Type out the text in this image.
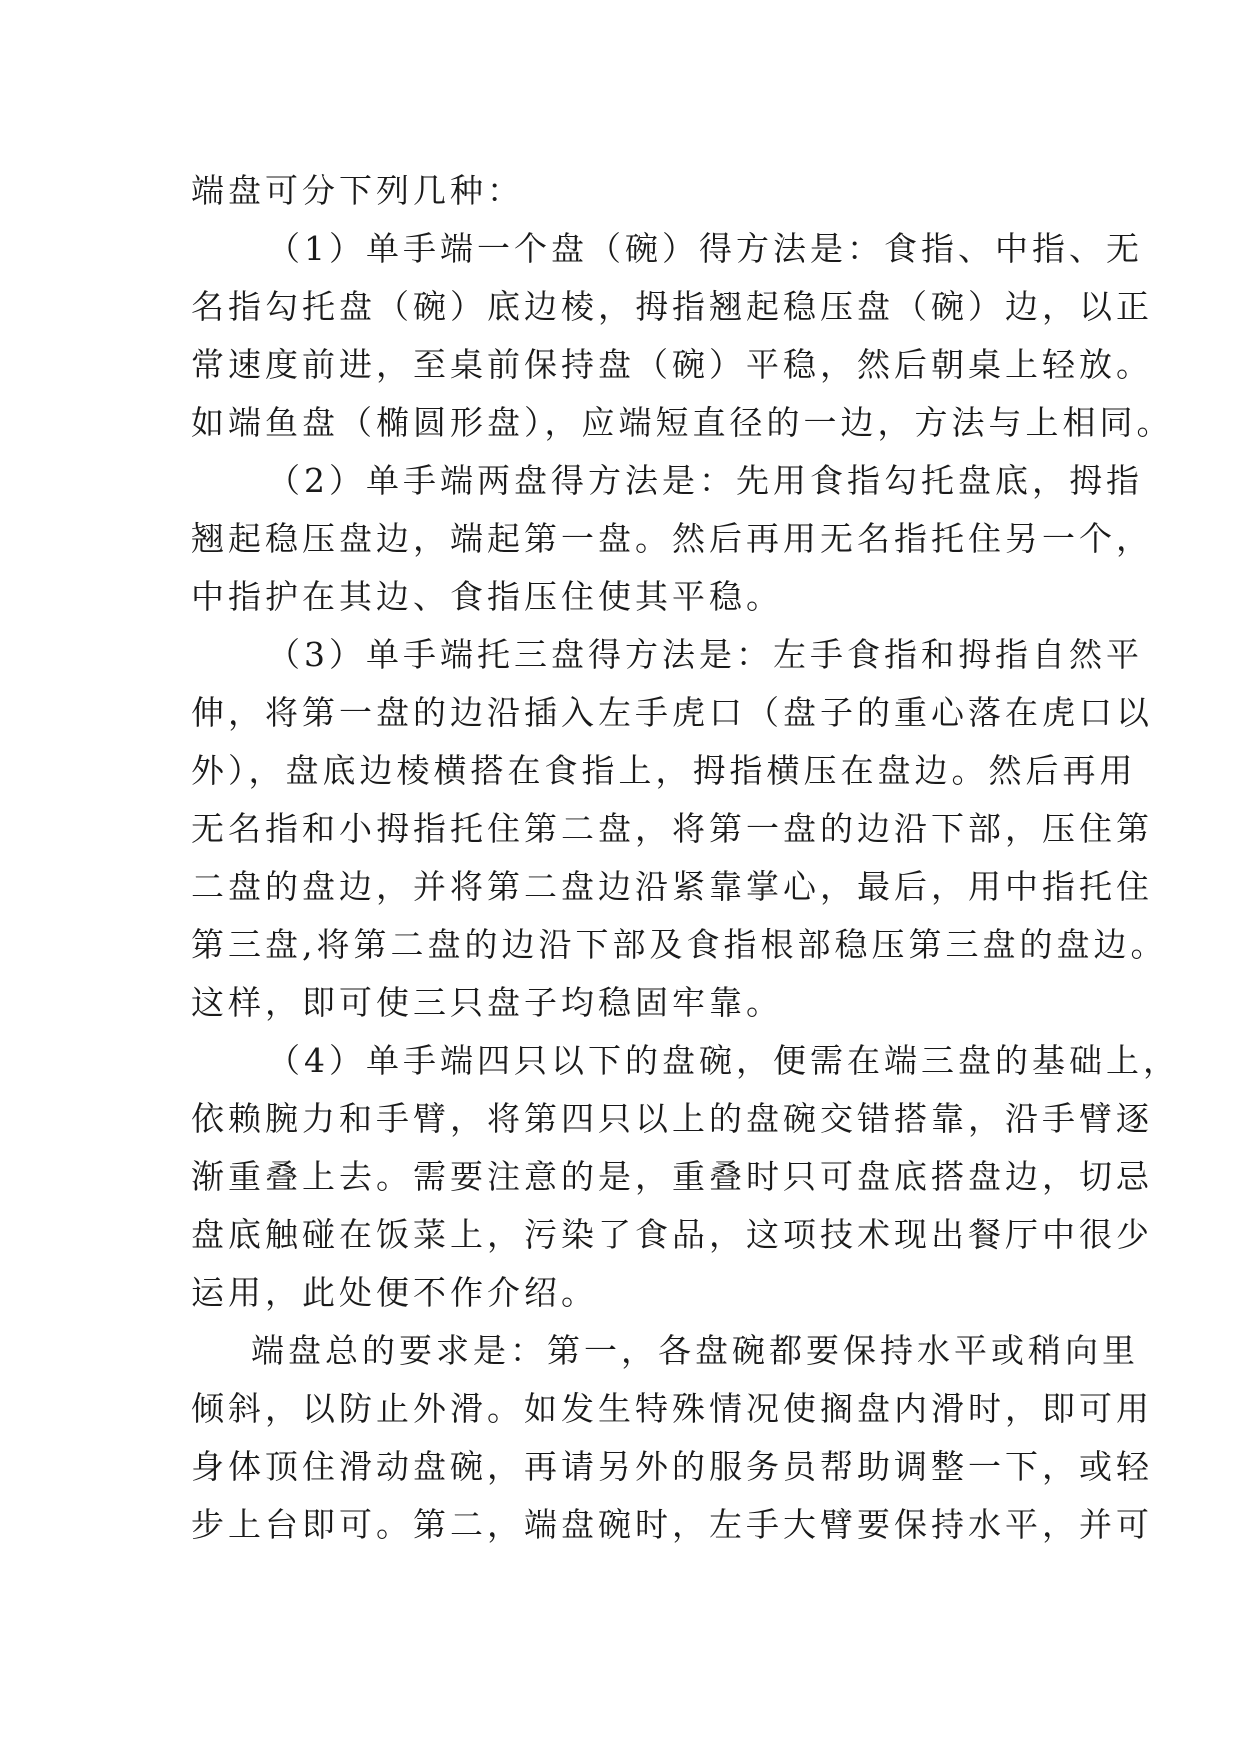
端盘可分下列几种：
（1）单手端一个盘（碗）得方法是：食指、中指、无
名指勾托盘（碗）底边棱，拇指翘起稳压盘（碗）边，以正
常速度前进，至桌前保持盘（碗）平稳，然后朝桌上轻放。
如端鱼盘（椭圆形盘），应端短直径的一边，方法与上相同。
（2）单手端两盘得方法是：先用食指勾托盘底，拇指
翘起稳压盘边，端起第一盘。然后再用无名指托住另一个，
中指护在其边、食指压住使其平稳。
（3）单手端托三盘得方法是：左手食指和拇指自然平
伸，将第一盘的边沿插入左手虎口（盘子的重心落在虎口以
外），盘底边棱横搭在食指上，拇指横压在盘边。然后再用
无名指和小拇指托住第二盘，将第一盘的边沿下部，压住第
二盘的盘边，并将第二盘边沿紧靠掌心，最后，用中指托住
第三盘,将第二盘的边沿下部及食指根部稳压第三盘的盘边。
这样，即可使三只盘子均稳固牢靠。
（4）单手端四只以下的盘碗，便需在端三盘的基础上，
依赖腕力和手臂，将第四只以上的盘碗交错搭靠，沿手臂逐
渐重叠上去。需要注意的是，重叠时只可盘底搭盘边，切忌
盘底触碰在饭菜上，污染了食品，这项技术现出餐厅中很少
运用，此处便不作介绍。
端盘总的要求是：第一，各盘碗都要保持水平或稍向里
倾斜，以防止外滑。如发生特殊情况使搁盘内滑时，即可用
身体顶住滑动盘碗，再请另外的服务员帮助调整一下，或轻
步上台即可。第二，端盘碗时，左手大臂要保持水平，并可
